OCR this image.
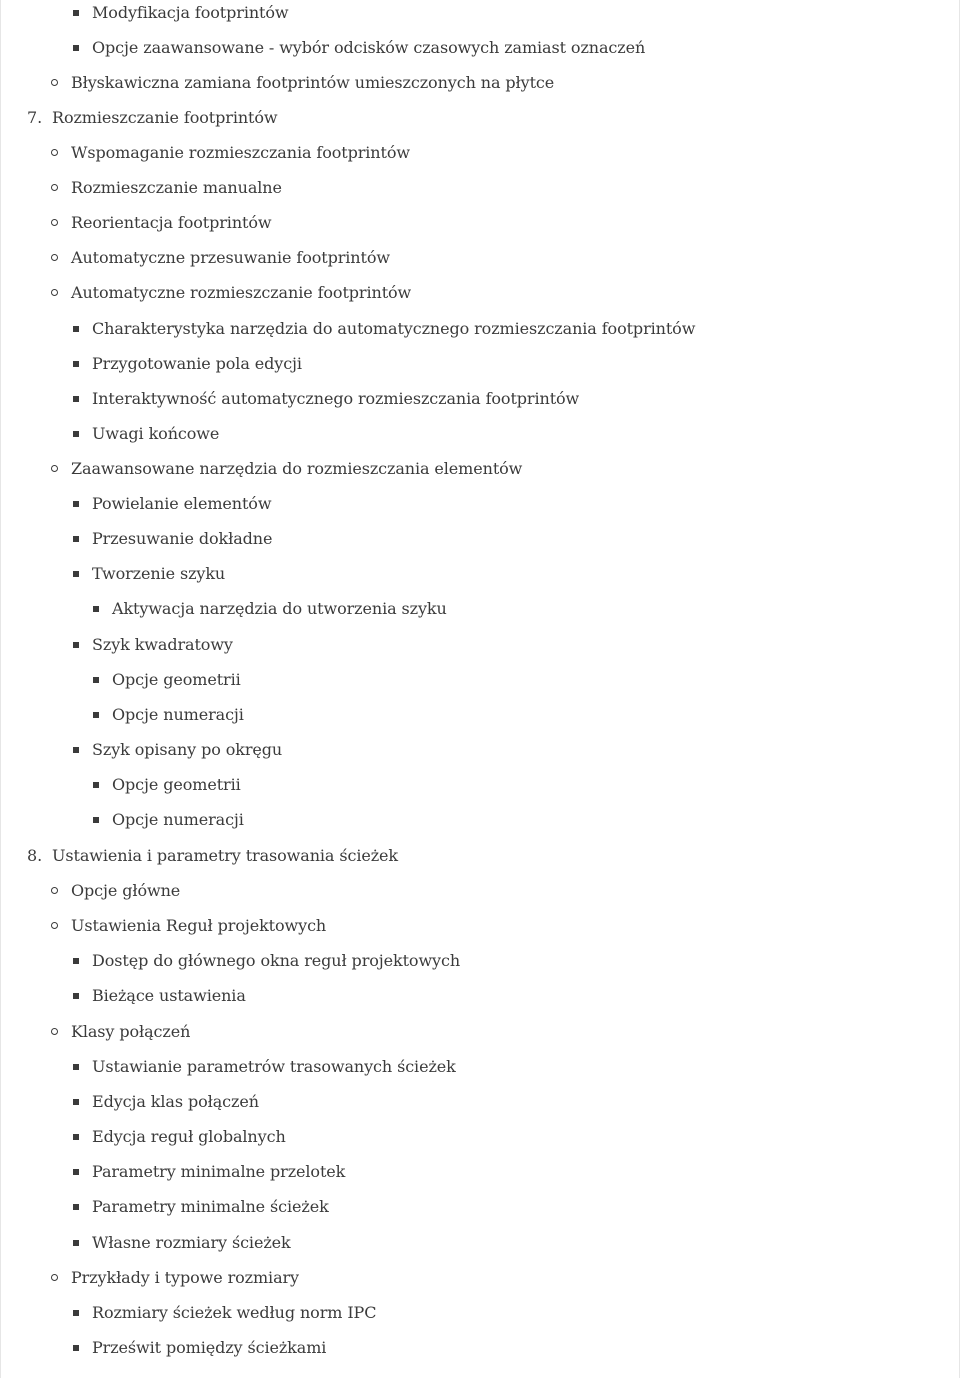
Modyfikacja footprintów
Opcje zaawansowane - wybór odcisków czasowych zamiast oznaczeń
Błyskawiczna zamiana footprintów umieszczonych na płytce
7. Rozmieszczanie footprintów
Wspomaganie rozmieszczania footprintów
Rozmieszczanie manualne
Reorientacja footprintów
Automatyczne przesuwanie footprintów
Automatyczne rozmieszczanie footprintów
Charakterystyka narzędzia do automatycznego rozmieszczania footprintów
Przygotowanie pola edycji
Interaktywność automatycznego rozmieszczania footprintów
Uwagi końcowe
Zaawansowane narzędzia do rozmieszczania elementów
Powielanie elementów
Przesuwanie dokładne
Tworzenie szyku
Aktywacja narzędzia do utworzenia szyku
Szyk kwadratowy
Opcje geometrii
Opcje numeracji
Szyk opisany po okręgu
Opcje geometrii
Opcje numeracji
8. Ustawienia i parametry trasowania ścieżek
Opcje główne
Ustawienia Reguł projektowych
Dostęp do głównego okna reguł projektowych
Bieżące ustawienia
Klasy połączeń
Ustawianie parametrów trasowanych ścieżek
Edycja klas połączeń
Edycja reguł globalnych
Parametry minimalne przelotek
Parametry minimalne ścieżek
Własne rozmiary ścieżek
Przykłady i typowe rozmiary
Rozmiary ścieżek według norm IPC
Prześwit pomiędzy ścieżkami
